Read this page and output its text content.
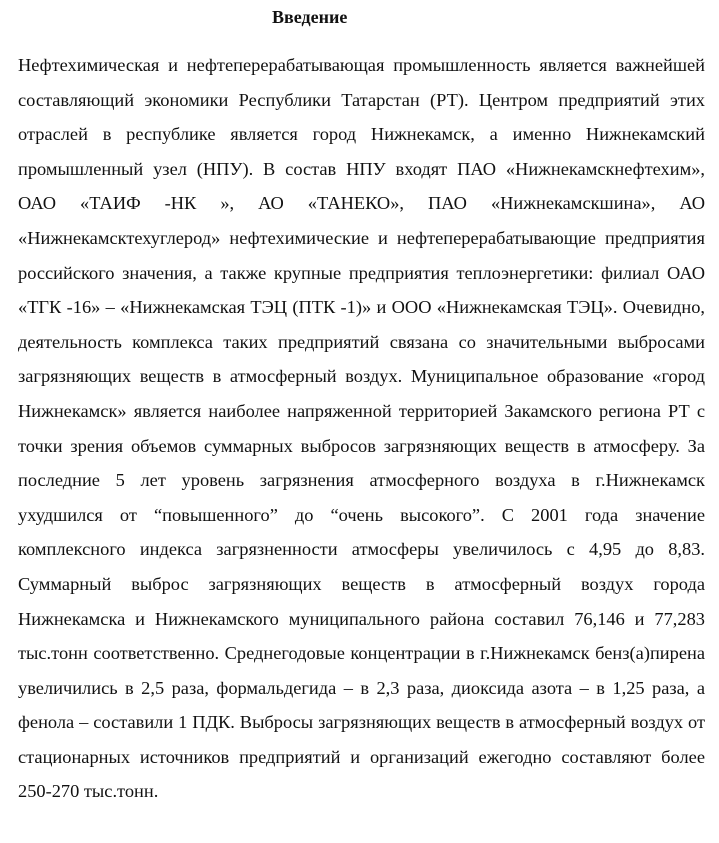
Введение

Нефтехимическая и нефтеперерабатывающая промышленность является важнейшей составляющий экономики Республики Татарстан (РТ). Центром предприятий этих отраслей в республике является город Нижнекамск, а именно Нижнекамский промышленный узел (НПУ). В состав НПУ входят ПАО «Нижнекамскнефтехим», ОАО «ТАИФ -НК », АО «ТАНЕКО», ПАО «Нижнекамскшина», АО «Нижнекамсктехуглерод» нефтехимические и нефтеперерабатывающие предприятия российского значения, а также крупные предприятия теплоэнергетики: филиал ОАО «ТГК -16» – «Нижнекамская ТЭЦ (ПТК -1)» и ООО «Нижнекамская ТЭЦ». Очевидно, деятельность комплекса таких предприятий связана со значительными выбросами загрязняющих веществ в атмосферный воздух. Муниципальное образование «город Нижнекамск» является наиболее напряженной территорией Закамского региона РТ с точки зрения объемов суммарных выбросов загрязняющих веществ в атмосферу. За последние 5 лет уровень загрязнения атмосферного воздуха в г.Нижнекамск ухудшился от “повышенного” до “очень высокого”. С 2001 года значение комплексного индекса загрязненности атмосферы увеличилось с 4,95 до 8,83. Суммарный выброс загрязняющих веществ в атмосферный воздух города Нижнекамска и Нижнекамского муниципального района составил 76,146 и 77,283 тыс.тонн соответственно. Среднегодовые концентрации в г.Нижнекамск бенз(а)пирена увеличились в 2,5 раза, формальдегида – в 2,3 раза, диоксида азота – в 1,25 раза, а фенола – составили 1 ПДК. Выбросы загрязняющих веществ в атмосферный воздух от стационарных источников предприятий и организаций ежегодно составляют более 250-270 тыс.тонн.
